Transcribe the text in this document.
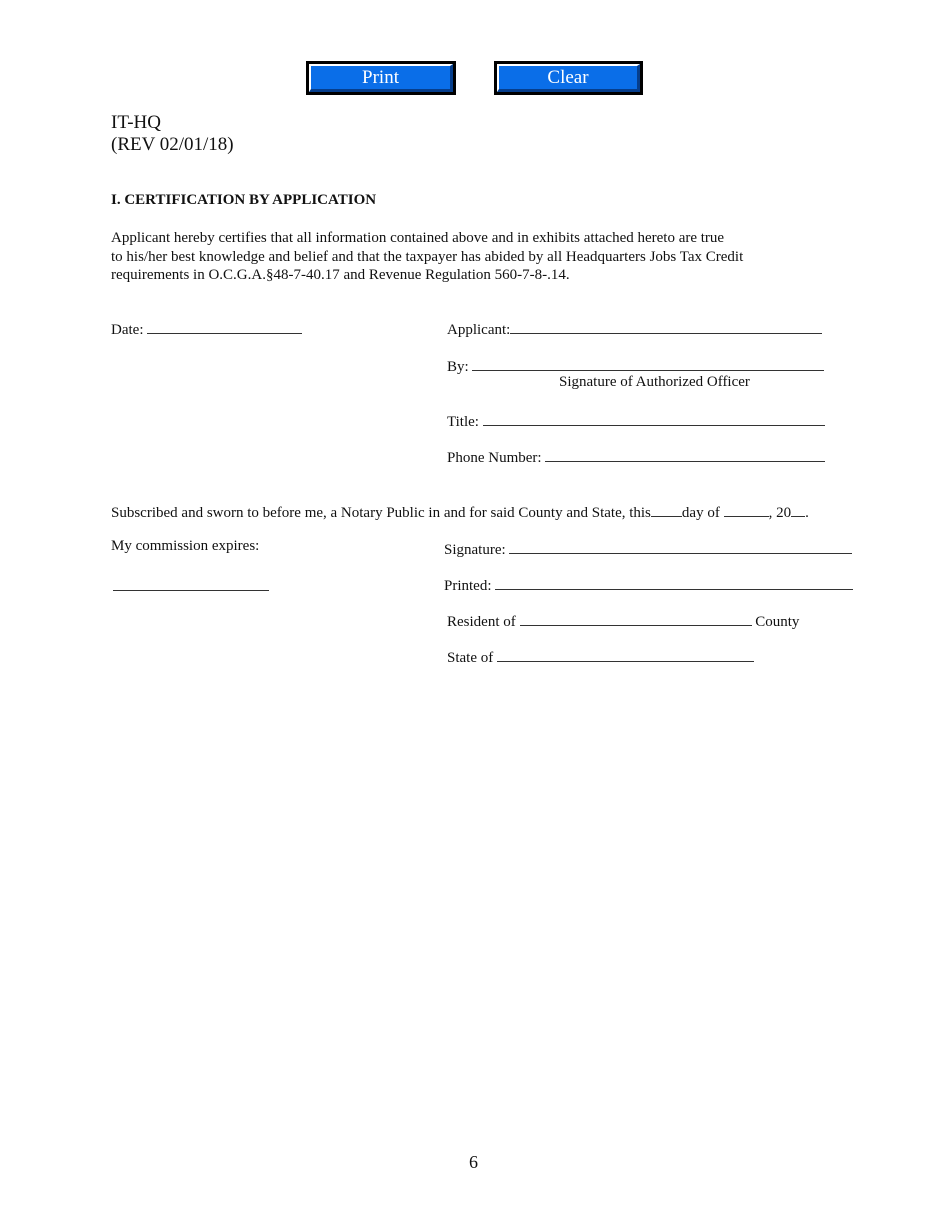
Print	Clear
IT-HQ
(REV 02/01/18)
I. CERTIFICATION BY APPLICATION
Applicant hereby certifies that all information contained above and in exhibits attached hereto are true
to his/her best knowledge and belief and that the taxpayer has abided by all Headquarters Jobs Tax Credit
requirements in O.C.G.A.§48-7-40.17 and Revenue Regulation 560-7-8-.14.
Date:	Applicant:
By:
Signature of Authorized Officer
Title:
Phone Number:
Subscribed and sworn to before me, a Notary Public in and for said County and State, this day of	, 20 .
My commission expires:	Signature:
Printed:
Resident of	County
State of
6
